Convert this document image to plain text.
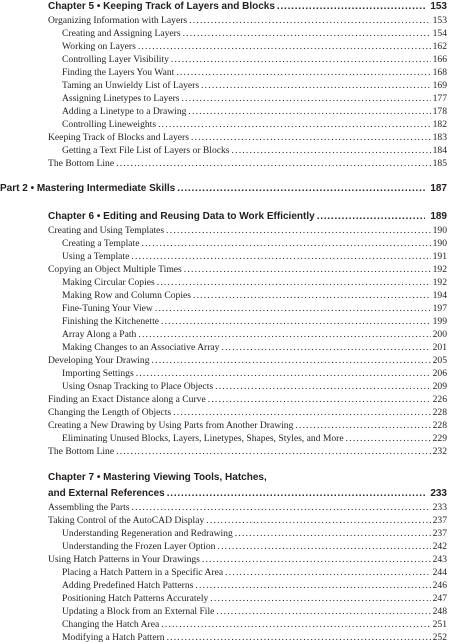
Chapter 5 • Keeping Track of Layers and Blocks . . .	153
Organizing Information with Layers . . .	153
Creating and Assigning Layers . . .	154
Working on Layers . . .	162
Controlling Layer Visibility . . .	166
Finding the Layers You Want . . .	168
Taming an Unwieldy List of Layers . . .	169
Assigning Linetypes to Layers . . .	177
Adding a Linetype to a Drawing . . .	178
Controlling Lineweights . . .	182
Keeping Track of Blocks and Layers . . .	183
Getting a Text File List of Layers or Blocks . . .	184
The Bottom Line . . .	185
Part 2 • Mastering Intermediate Skills . . .	187
Chapter 6 • Editing and Reusing Data to Work Efficiently . . .	189
Creating and Using Templates . . .	190
Creating a Template . . .	190
Using a Template . . .	191
Copying an Object Multiple Times . . .	192
Making Circular Copies . . .	192
Making Row and Column Copies . . .	194
Fine-Tuning Your View . . .	197
Finishing the Kitchenette . . .	199
Array Along a Path . . .	200
Making Changes to an Associative Array . . .	201
Developing Your Drawing . . .	205
Importing Settings . . .	206
Using Osnap Tracking to Place Objects . . .	209
Finding an Exact Distance along a Curve . . .	226
Changing the Length of Objects . . .	228
Creating a New Drawing by Using Parts from Another Drawing . . .	228
Eliminating Unused Blocks, Layers, Linetypes, Shapes, Styles, and More . . .	229
The Bottom Line . . .	232
Chapter 7 • Mastering Viewing Tools, Hatches,
and External References . . .	233
Assembling the Parts . . .	233
Taking Control of the AutoCAD Display . . .	237
Understanding Regeneration and Redrawing . . .	237
Understanding the Frozen Layer Option . . .	242
Using Hatch Patterns in Your Drawings . . .	243
Placing a Hatch Pattern in a Specific Area . . .	244
Adding Predefined Hatch Patterns . . .	246
Positioning Hatch Patterns Accurately . . .	247
Updating a Block from an External File . . .	248
Changing the Hatch Area . . .	251
Modifying a Hatch Pattern . . .	252
